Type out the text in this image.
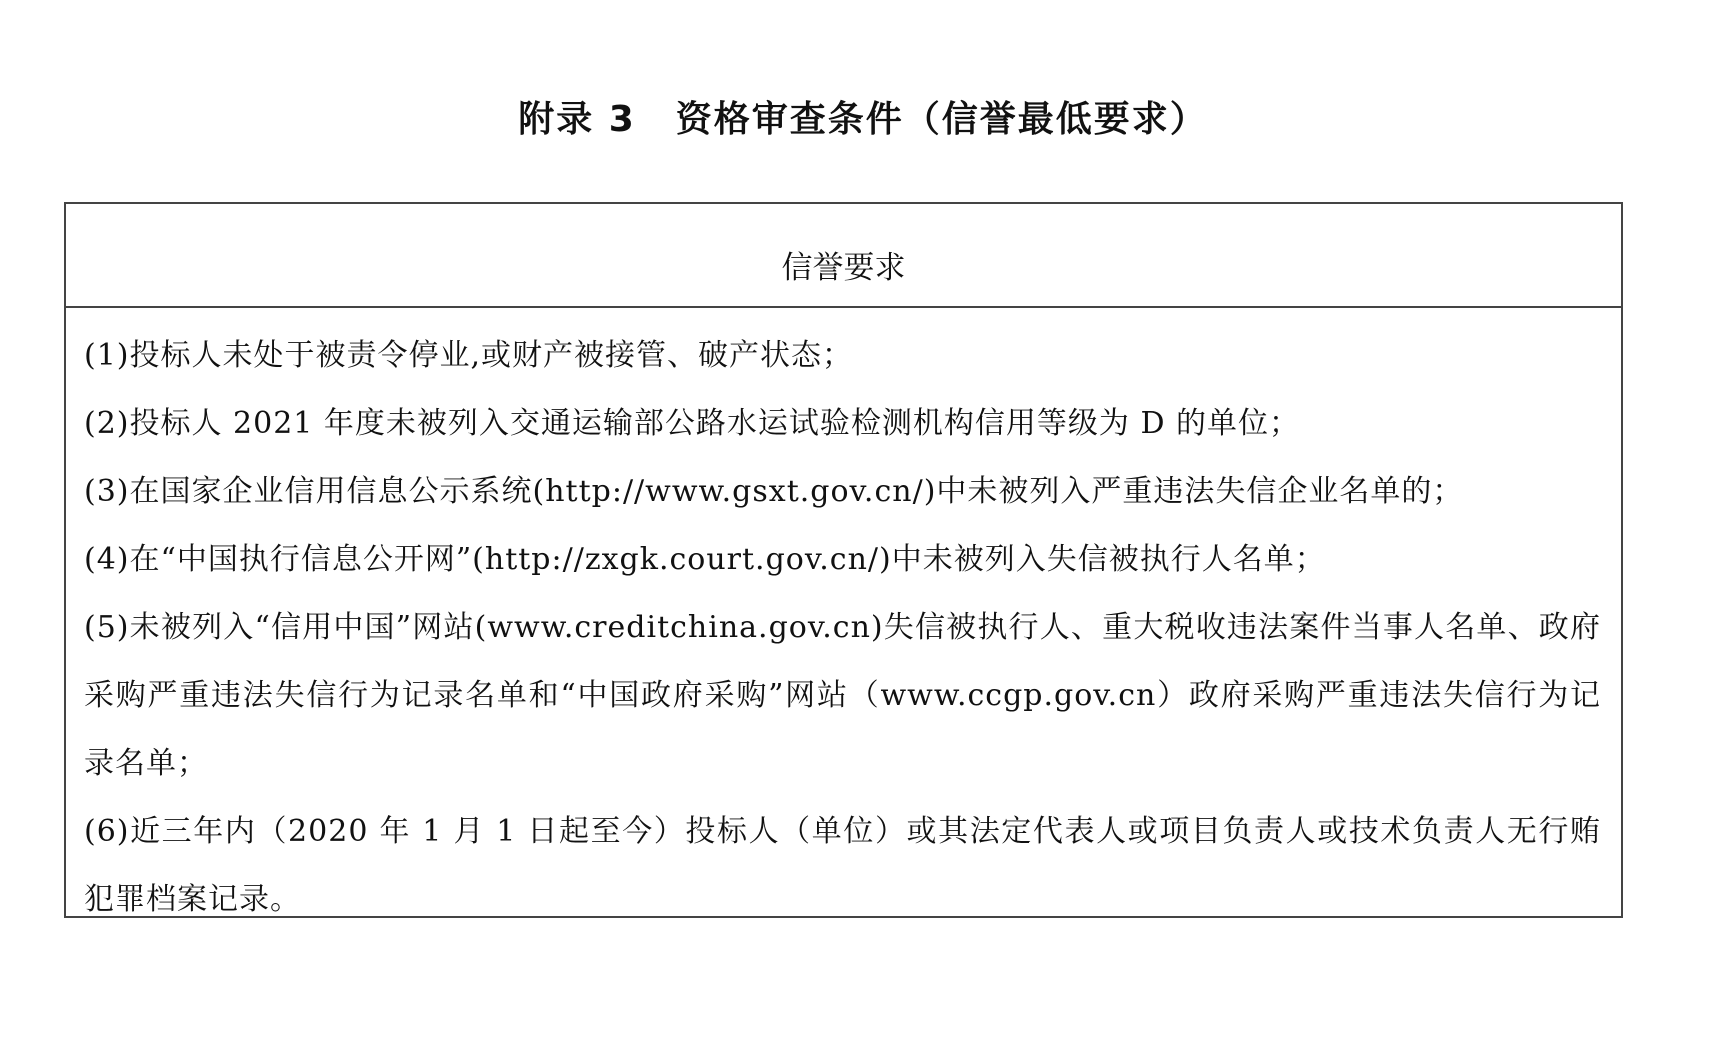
附录 3 资格审查条件（信誉最低要求）
信誉要求

(1)投标人未处于被责令停业,或财产被接管、破产状态；

(2)投标人 2021 年度未被列入交通运输部公路水运试验检测机构信用等级为 D 的单位；

(3)在国家企业信用信息公示系统(http://www.gsxt.gov.cn/)中未被列入严重违法失信企业名单的；

(4)在“中国执行信息公开网”(http://zxgk.court.gov.cn/)中未被列入失信被执行人名单；

(5)未被列入“信用中国”网站(www.creditchina.gov.cn)失信被执行人、重大税收违法案件当事人名单、政府采购严重违法失信行为记录名单和“中国政府采购”网站（www.ccgp.gov.cn）政府采购严重违法失信行为记录名单；

(6)近三年内（2020 年 1 月 1 日起至今）投标人（单位）或其法定代表人或项目负责人或技术负责人无行贿犯罪档案记录。
